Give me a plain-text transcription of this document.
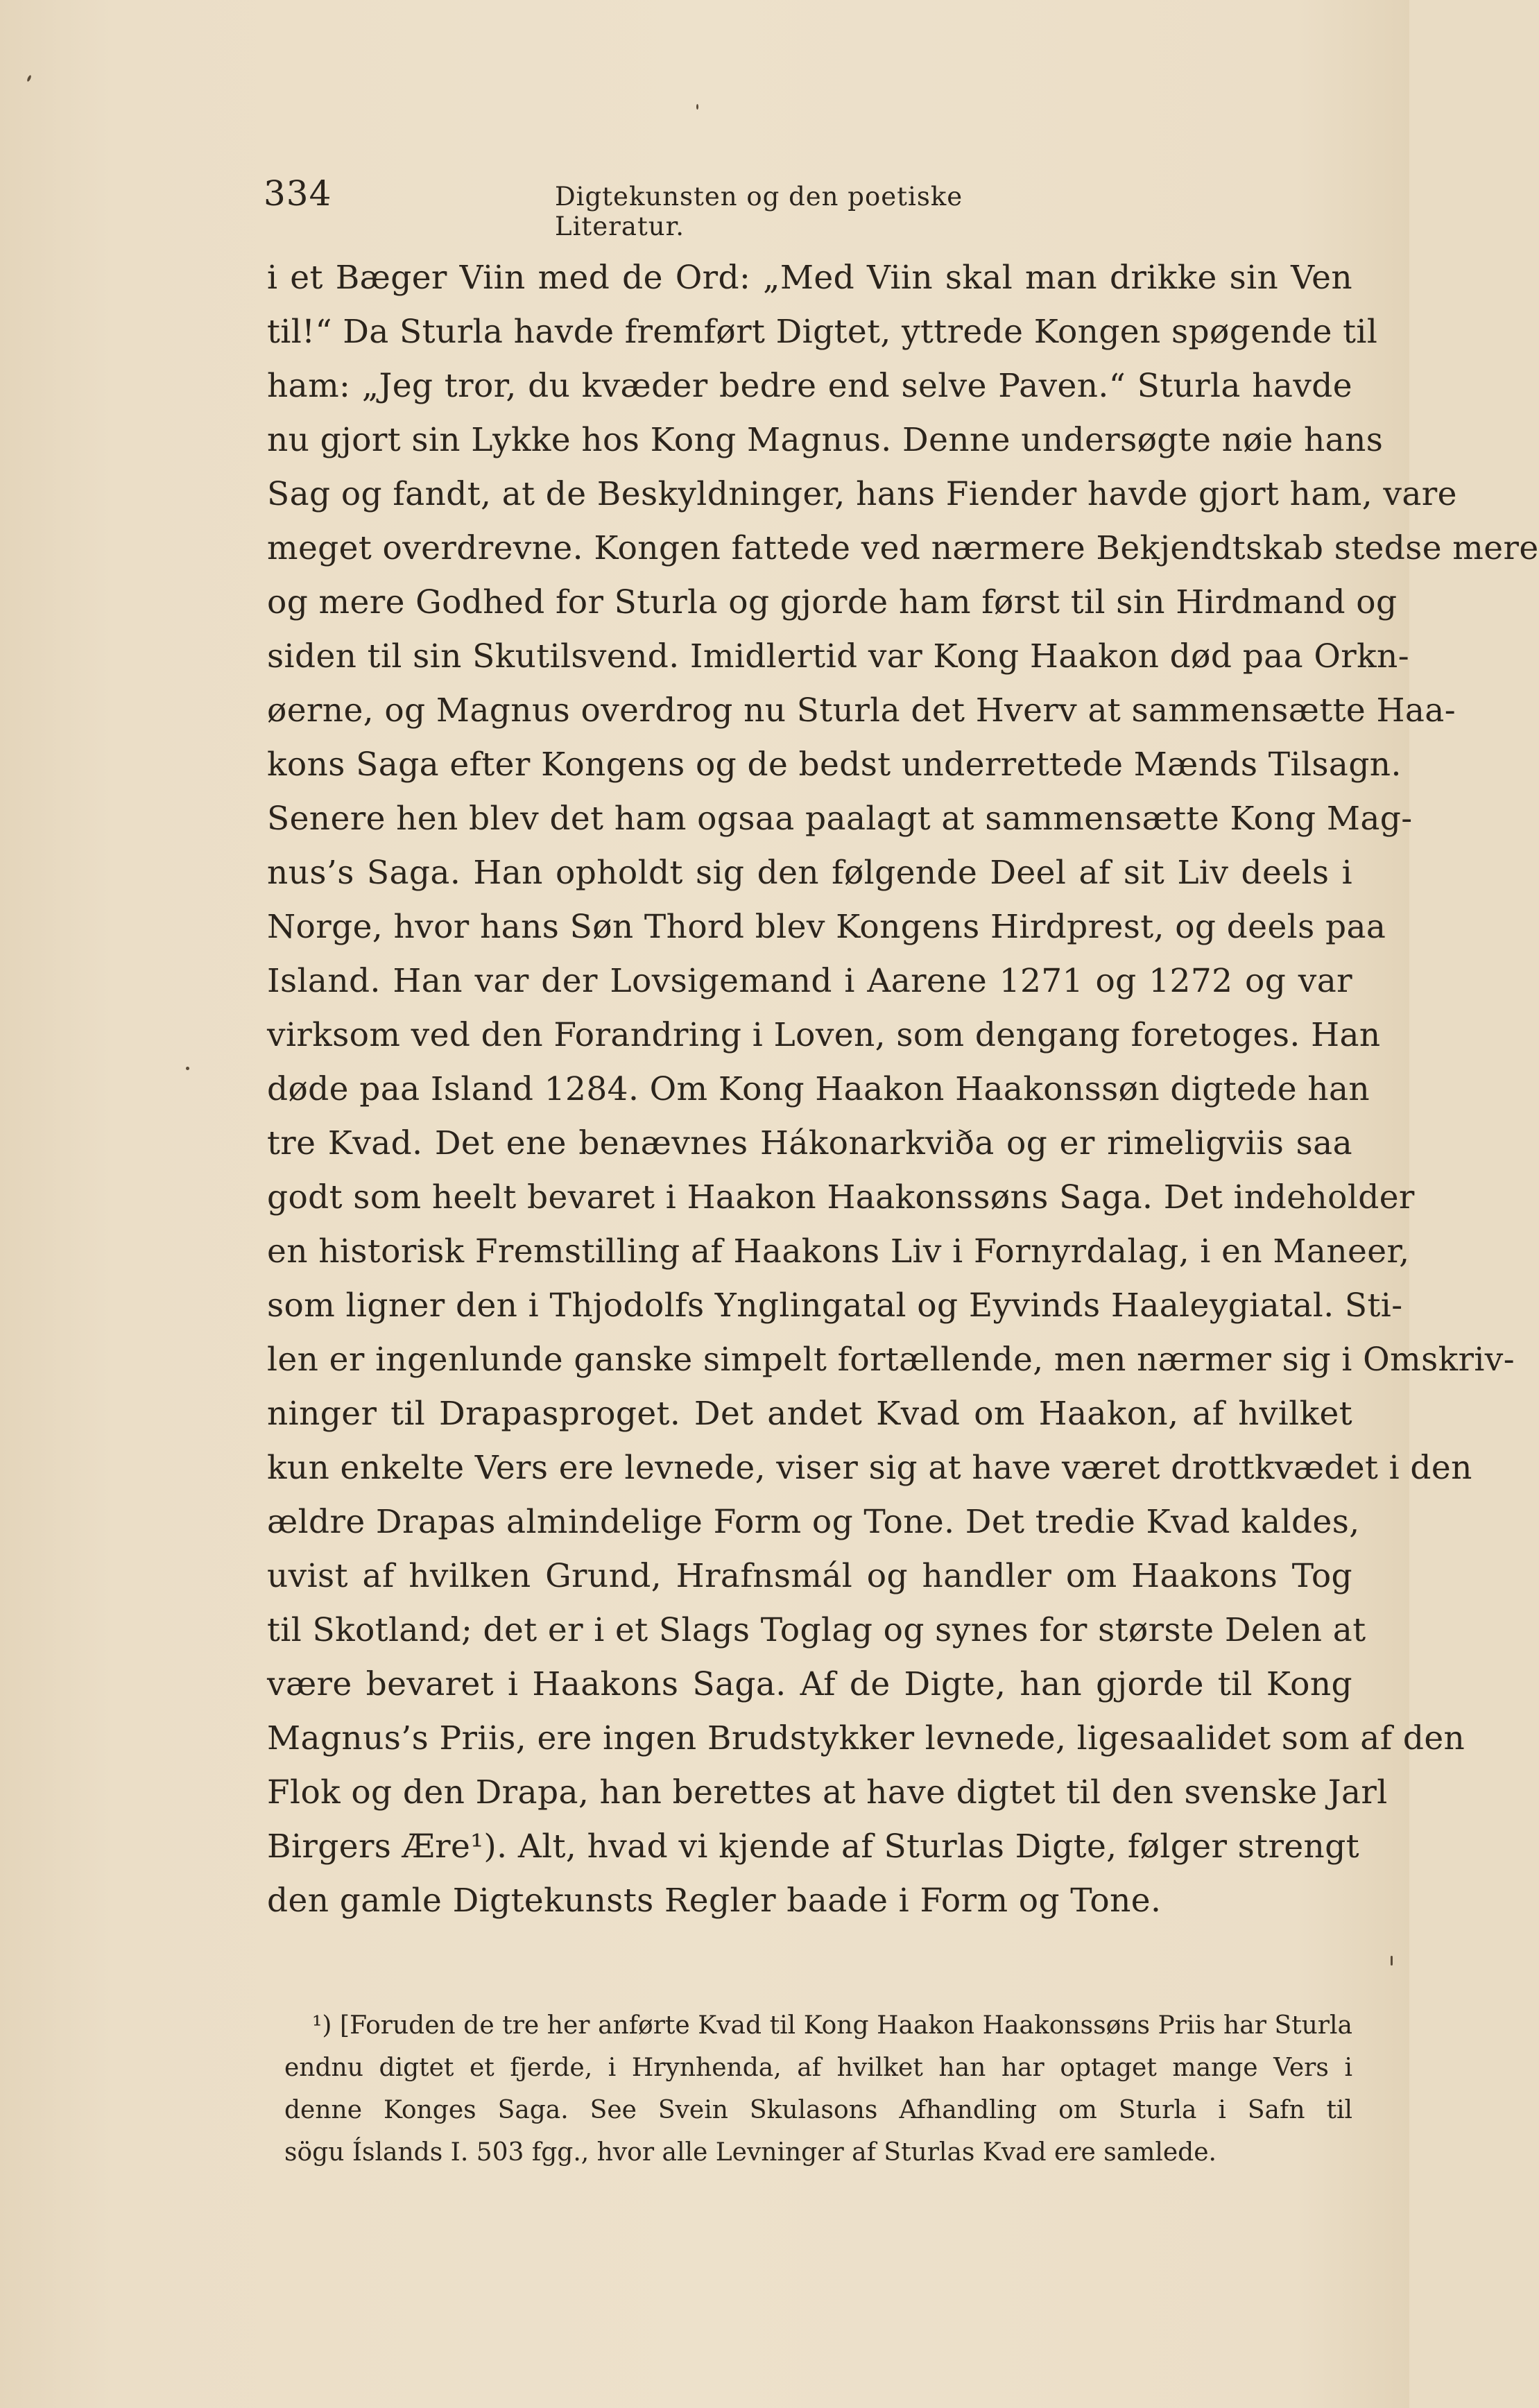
334	Digtekunsten og den poetiske Literatur.
i et Bæger Viin med de Ord: „Med Viin skal man drikke sin Ven
til!“ Da Sturla havde fremført Digtet, yttrede Kongen spøgende til
ham: „Jeg tror, du kvæder bedre end selve Paven.“ Sturla havde
nu gjort sin Lykke hos Kong Magnus. Denne undersøgte nøie hans
Sag og fandt, at de Beskyldninger, hans Fiender havde gjort ham, vare
meget overdrevne. Kongen fattede ved nærmere Bekjendtskab stedse mere
og mere Godhed for Sturla og gjorde ham først til sin Hirdmand og
siden til sin Skutilsvend. Imidlertid var Kong Haakon død paa Orkn-
øerne, og Magnus overdrog nu Sturla det Hverv at sammensætte Haa-
kons Saga efter Kongens og de bedst underrettede Mænds Tilsagn.
Senere hen blev det ham ogsaa paalagt at sammensætte Kong Mag-
nus’s Saga. Han opholdt sig den følgende Deel af sit Liv deels i
Norge, hvor hans Søn Thord blev Kongens Hirdprest, og deels paa
Island. Han var der Lovsigemand i Aarene 1271 og 1272 og var
virksom ved den Forandring i Loven, som dengang foretoges. Han
døde paa Island 1284. Om Kong Haakon Haakonssøn digtede han
tre Kvad. Det ene benævnes Hákonarkviða og er rimeligviis saa
godt som heelt bevaret i Haakon Haakonssøns Saga. Det indeholder
en historisk Fremstilling af Haakons Liv i Fornyrdalag, i en Maneer,
som ligner den i Thjodolfs Ynglingatal og Eyvinds Haaleygiatal. Sti-
len er ingenlunde ganske simpelt fortællende, men nærmer sig i Omskriv-
ninger til Drapasproget. Det andet Kvad om Haakon, af hvilket
kun enkelte Vers ere levnede, viser sig at have været drottkvædet i den
ældre Drapas almindelige Form og Tone. Det tredie Kvad kaldes,
uvist af hvilken Grund, Hrafnsmál og handler om Haakons Tog
til Skotland; det er i et Slags Toglag og synes for største Delen at
være bevaret i Haakons Saga. Af de Digte, han gjorde til Kong
Magnus’s Priis, ere ingen Brudstykker levnede, ligesaalidet som af den
Flok og den Drapa, han berettes at have digtet til den svenske Jarl
Birgers Ære¹). Alt, hvad vi kjende af Sturlas Digte, følger strengt
den gamle Digtekunsts Regler baade i Form og Tone.
¹) [Foruden de tre her anførte Kvad til Kong Haakon Haakonssøns Priis har Sturla
endnu digtet et fjerde, i Hrynhenda, af hvilket han har optaget mange Vers i
denne Konges Saga. See Svein Skulasons Afhandling om Sturla i Safn til
sögu Íslands I. 503 fgg., hvor alle Levninger af Sturlas Kvad ere samlede.
